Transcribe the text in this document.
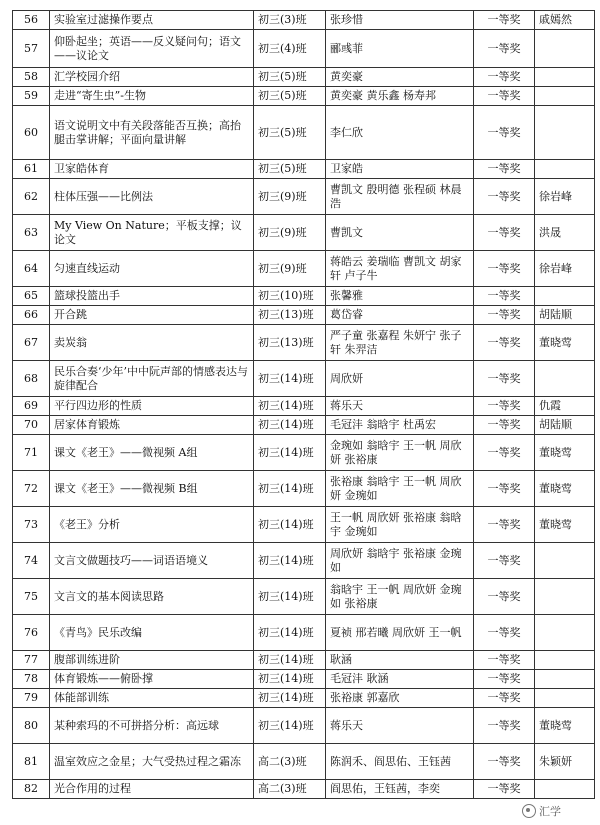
56	实验室过滤操作要点	初三(3)班	张珍惜	一等奖	戚嫣然
57	仰卧起坐；英语——反义疑问句；语文——议论文	初三(4)班	郦彧菲	一等奖	
58	汇学校园介绍	初三(5)班	黄奕豪	一等奖	
59	走进“寄生虫”-生物	初三(5)班	黄奕豪 黄乐鑫 杨寿邦	一等奖	
60	语文说明文中有关段落能否互换；高抬腿击掌讲解；平面向量讲解	初三(5)班	李仁欣	一等奖	
61	卫家皓体育	初三(5)班	卫家皓	一等奖	
62	柱体压强——比例法	初三(9)班	曹凯文 殷明德 张程硕 林晨浩	一等奖	徐岩峰
63	My View On Nature；平板支撑；议论文	初三(9)班	曹凯文	一等奖	洪晟
64	匀速直线运动	初三(9)班	蒋皓云 姜瑞临 曹凯文 胡家轩 卢子牛	一等奖	徐岩峰
65	篮球投篮出手	初三(10)班	张馨雅	一等奖	
66	开合跳	初三(13)班	葛岱睿	一等奖	胡陆顺
67	卖炭翁	初三(13)班	严子童 张嘉程 朱妍宁 张子轩 朱羿洁	一等奖	董晓莺
68	民乐合奏‘少年’中中阮声部的情感表达与旋律配合	初三(14)班	周欣妍	一等奖	
69	平行四边形的性质	初三(14)班	蒋乐天	一等奖	仇霞
70	居家体育锻炼	初三(14)班	毛冠沣 翁晗宇 杜禹宏	一等奖	胡陆顺
71	课文《老王》——微视频 A组	初三(14)班	金琬如 翁晗宇 王一帆 周欣妍 张裕康	一等奖	董晓莺
72	课文《老王》——微视频 B组	初三(14)班	张裕康 翁晗宇 王一帆 周欣妍 金琬如	一等奖	董晓莺
73	《老王》分析	初三(14)班	王一帆 周欣妍 张裕康 翁晗宇 金琬如	一等奖	董晓莺
74	文言文做题技巧——词语语境义	初三(14)班	周欣妍 翁晗宇 张裕康 金琬如	一等奖	
75	文言文的基本阅读思路	初三(14)班	翁晗宇 王一帆 周欣妍 金琬如 张裕康	一等奖	
76	《青鸟》民乐改编	初三(14)班	夏祯 邢若曦 周欣妍 王一帆	一等奖	
77	腹部训练进阶	初三(14)班	耿涵	一等奖	
78	体育锻炼——俯卧撑	初三(14)班	毛冠沣 耿涵	一等奖	
79	体能部训练	初三(14)班	张裕康 郭嘉欣	一等奖	
80	某种索玛的不可拼搭分析：高远球	初三(14)班	蒋乐天	一等奖	董晓莺
81	温室效应之金星；大气受热过程之霜冻	高二(3)班	陈润禾、阎思佑、王钰茜	一等奖	朱颖妍
82	光合作用的过程	高二(3)班	阎思佑，王钰茜，李奕	一等奖	
汇学
